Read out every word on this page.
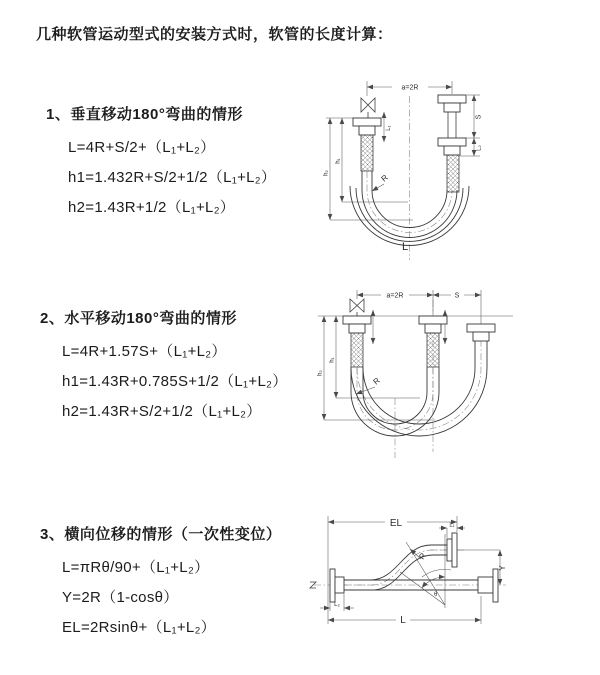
几种软管运动型式的安装方式时，软管的长度计算：
1、垂直移动180°弯曲的情形
L=4R+S/2+（L₁+L₂）
h1=1.432R+S/2+1/2（L₁+L₂）
h2=1.43R+1/2（L₁+L₂）
2、水平移动180°弯曲的情形
L=4R+1.57S+（L₁+L₂）
h1=1.43R+0.785S+1/2（L₁+L₂）
h2=1.43R+S/2+1/2（L₁+L₂）
3、横向位移的情形（一次性变位）
L=πRθ/90+（L₁+L₂）
Y=2R（1-cosθ）
EL=2Rsinθ+（L₁+L₂）
a=2R
h₁
h₂
L₁
S
L₂
R
L
a=2R	S
h₁
h₂
R
EL	L₁
Y
L
L₂
θ
R
